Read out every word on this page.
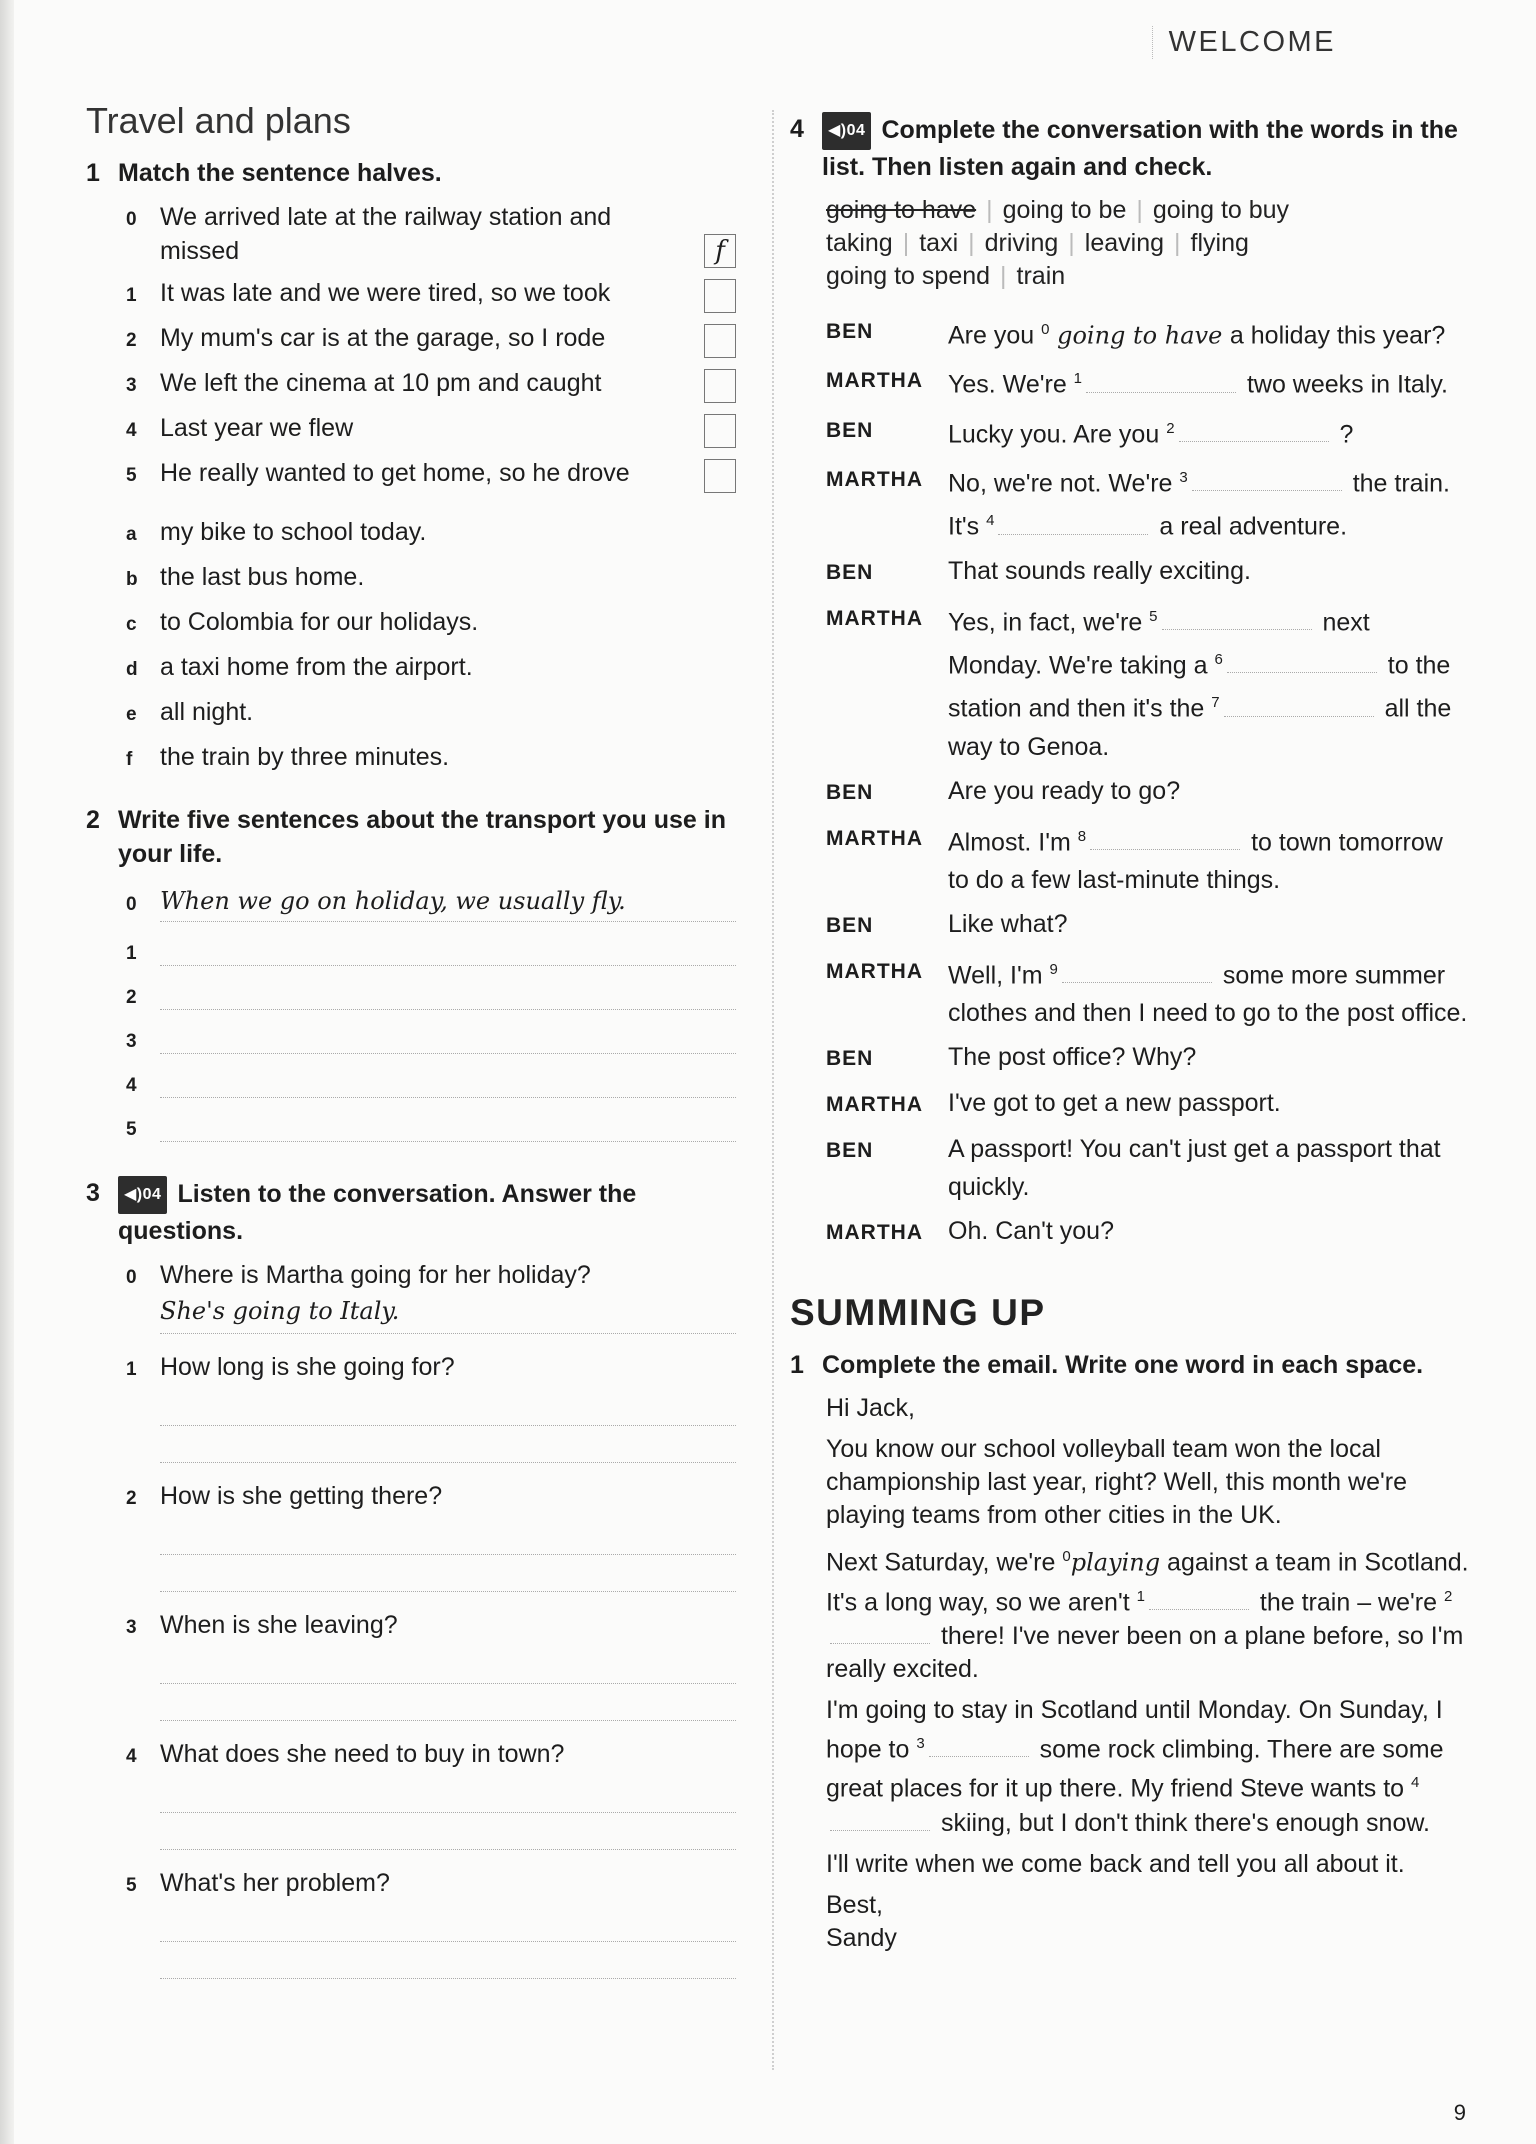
WELCOME
Travel and plans
1 Match the sentence halves.
0 We arrived late at the railway station and missed	f
1 It was late and we were tired, so we took
2 My mum's car is at the garage, so I rode
3 We left the cinema at 10 pm and caught
4 Last year we flew
5 He really wanted to get home, so he drove
a my bike to school today.
b the last bus home.
c to Colombia for our holidays.
d a taxi home from the airport.
e all night.
f	the train by three minutes.
2 Write five sentences about the transport you use in your life.
0 When we go on holiday, we usually fly.
1
2
3
4
5
3	◀)04 Listen to the conversation. Answer the questions.
0 Where is Martha going for her holiday?
She's going to Italy.
1 How long is she going for?
2 How is she getting there?
3 When is she leaving?
4 What does she need to buy in town?
5 What's her problem?
4	◀)04 Complete the conversation with the words in the list. Then listen again and check.
going to have | going to be | going to buy
taking | taxi | driving | leaving | flying
going to spend | train
BEN	Are you $^0$ going to have a holiday this year?
MARTHA	Yes. We're $^1$	two weeks in Italy.
BEN	Lucky you. Are you $^2$	?
MARTHA	No, we're not. We're $^3$	the train. It's $^4$	a real adventure.
BEN	That sounds really exciting.
MARTHA	Yes, in fact, we're $^5$	next Monday. We're taking a $^6$	to the station and then it's the $^7$	all the way to Genoa.
BEN	Are you ready to go?
MARTHA	Almost. I'm $^8$	to town tomorrow to do a few last-minute things.
BEN	Like what?
MARTHA	Well, I'm $^9$	some more summer clothes and then I need to go to the post office.
BEN	The post office? Why?
MARTHA	I've got to get a new passport.
BEN	A passport! You can't just get a passport that quickly.
MARTHA	Oh. Can't you?
SUMMING UP
1 Complete the email. Write one word in each space.

Hi Jack,

You know our school volleyball team won the local championship last year, right? Well, this month we're playing teams from other cities in the UK.

Next Saturday, we're $^0$playing against a team in Scotland. It's a long way, so we aren't $^1$	the train – we're $^2$ there! I've never been on a plane before, so I'm really excited.

I'm going to stay in Scotland until Monday. On Sunday, I hope to $^3$	some rock climbing. There are some great places for it up there. My friend Steve wants to $^4$ skiing, but I don't think there's enough snow.

I'll write when we come back and tell you all about it.

Best,

Sandy

9
